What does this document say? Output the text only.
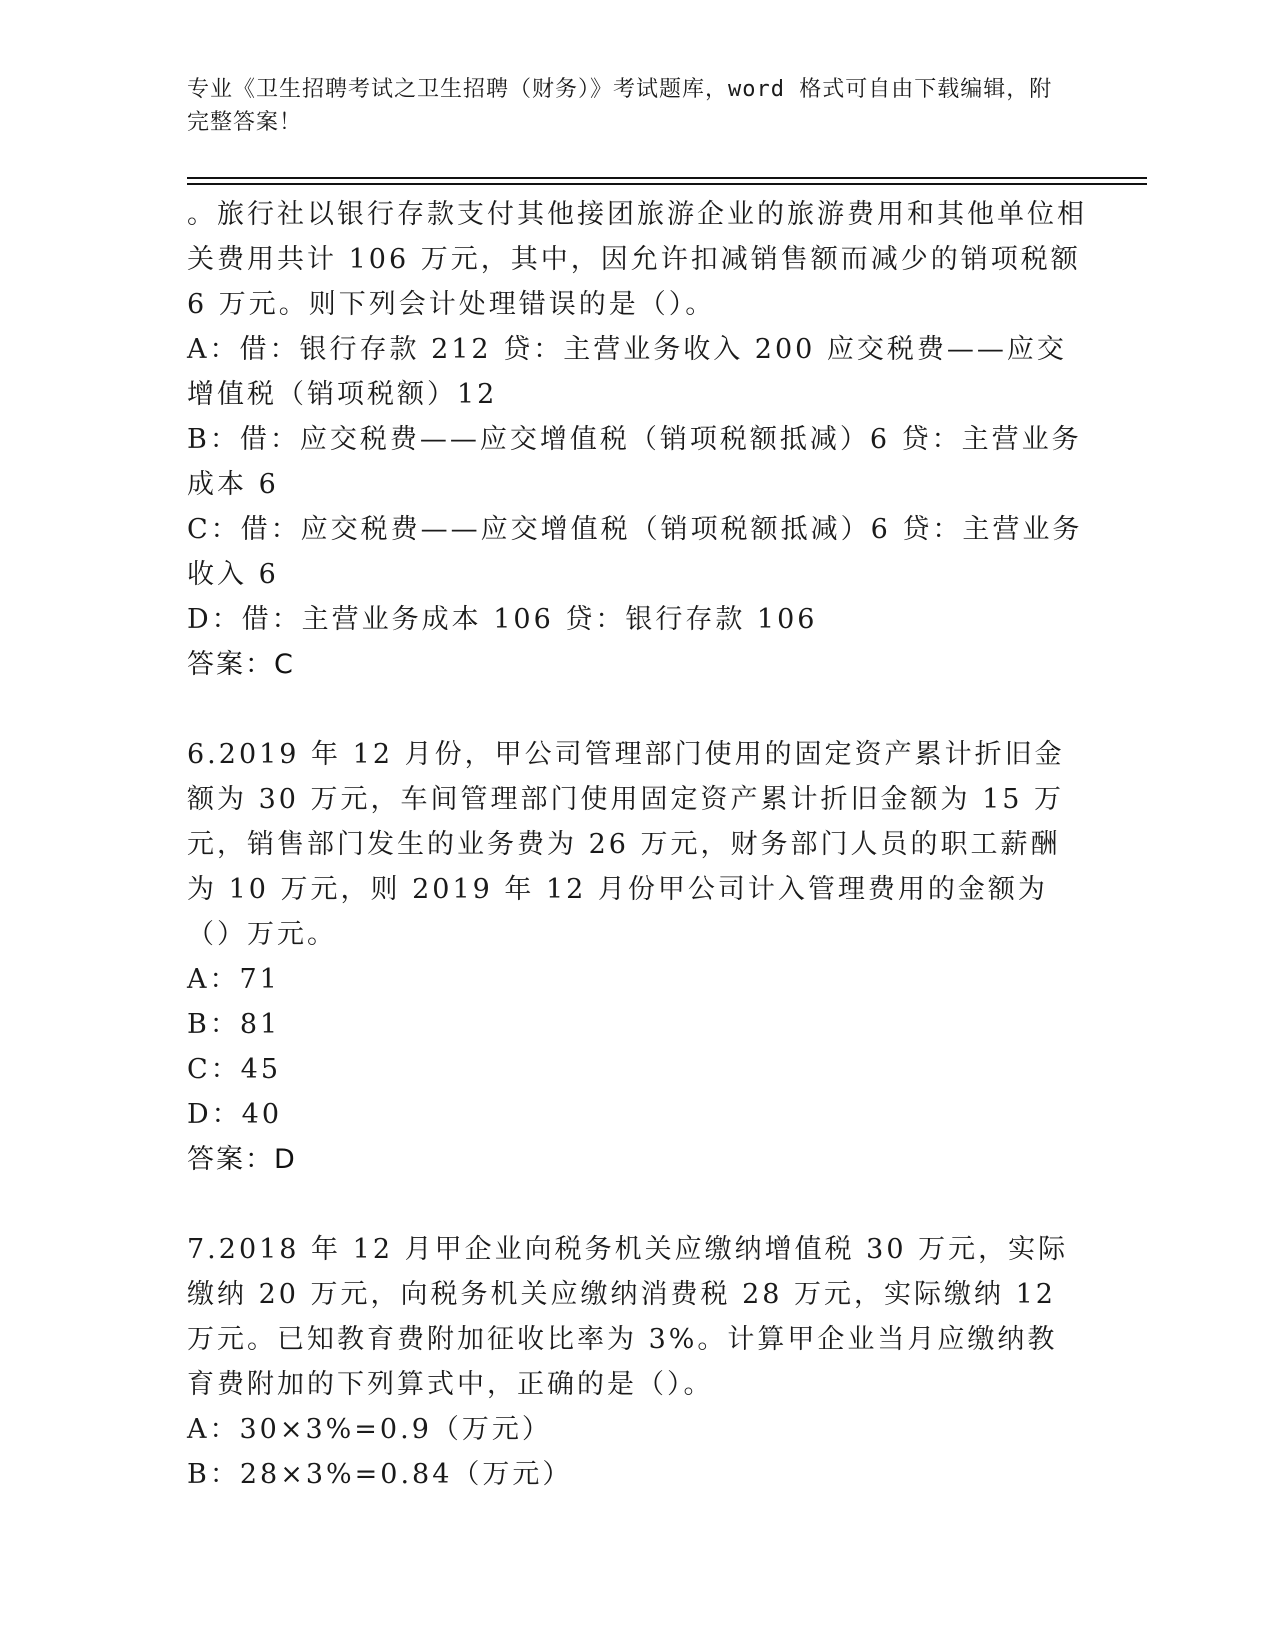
专业《卫生招聘考试之卫生招聘（财务）》考试题库，word 格式可自由下载编辑，附完整答案！

。旅行社以银行存款支付其他接团旅游企业的旅游费用和其他单位相关费用共计 106 万元，其中，因允许扣减销售额而减少的销项税额 6 万元。则下列会计处理错误的是（）。

A：借：银行存款 212 贷：主营业务收入 200 应交税费——应交增值税（销项税额）12

B：借：应交税费——应交增值税（销项税额抵减）6 贷：主营业务成本 6

C：借：应交税费——应交增值税（销项税额抵减）6 贷：主营业务收入 6

D：借：主营业务成本 106 贷：银行存款 106

答案：C

6.2019 年 12 月份，甲公司管理部门使用的固定资产累计折旧金额为 30 万元，车间管理部门使用固定资产累计折旧金额为 15 万元，销售部门发生的业务费为 26 万元，财务部门人员的职工薪酬为 10 万元，则 2019 年 12 月份甲公司计入管理费用的金额为（）万元。

A：71

B：81

C：45

D：40

答案：D

7.2018 年 12 月甲企业向税务机关应缴纳增值税 30 万元，实际缴纳 20 万元，向税务机关应缴纳消费税 28 万元，实际缴纳 12 万元。已知教育费附加征收比率为 3%。计算甲企业当月应缴纳教育费附加的下列算式中，正确的是（）。

A：30×3%=0.9（万元）

B：28×3%=0.84（万元）
